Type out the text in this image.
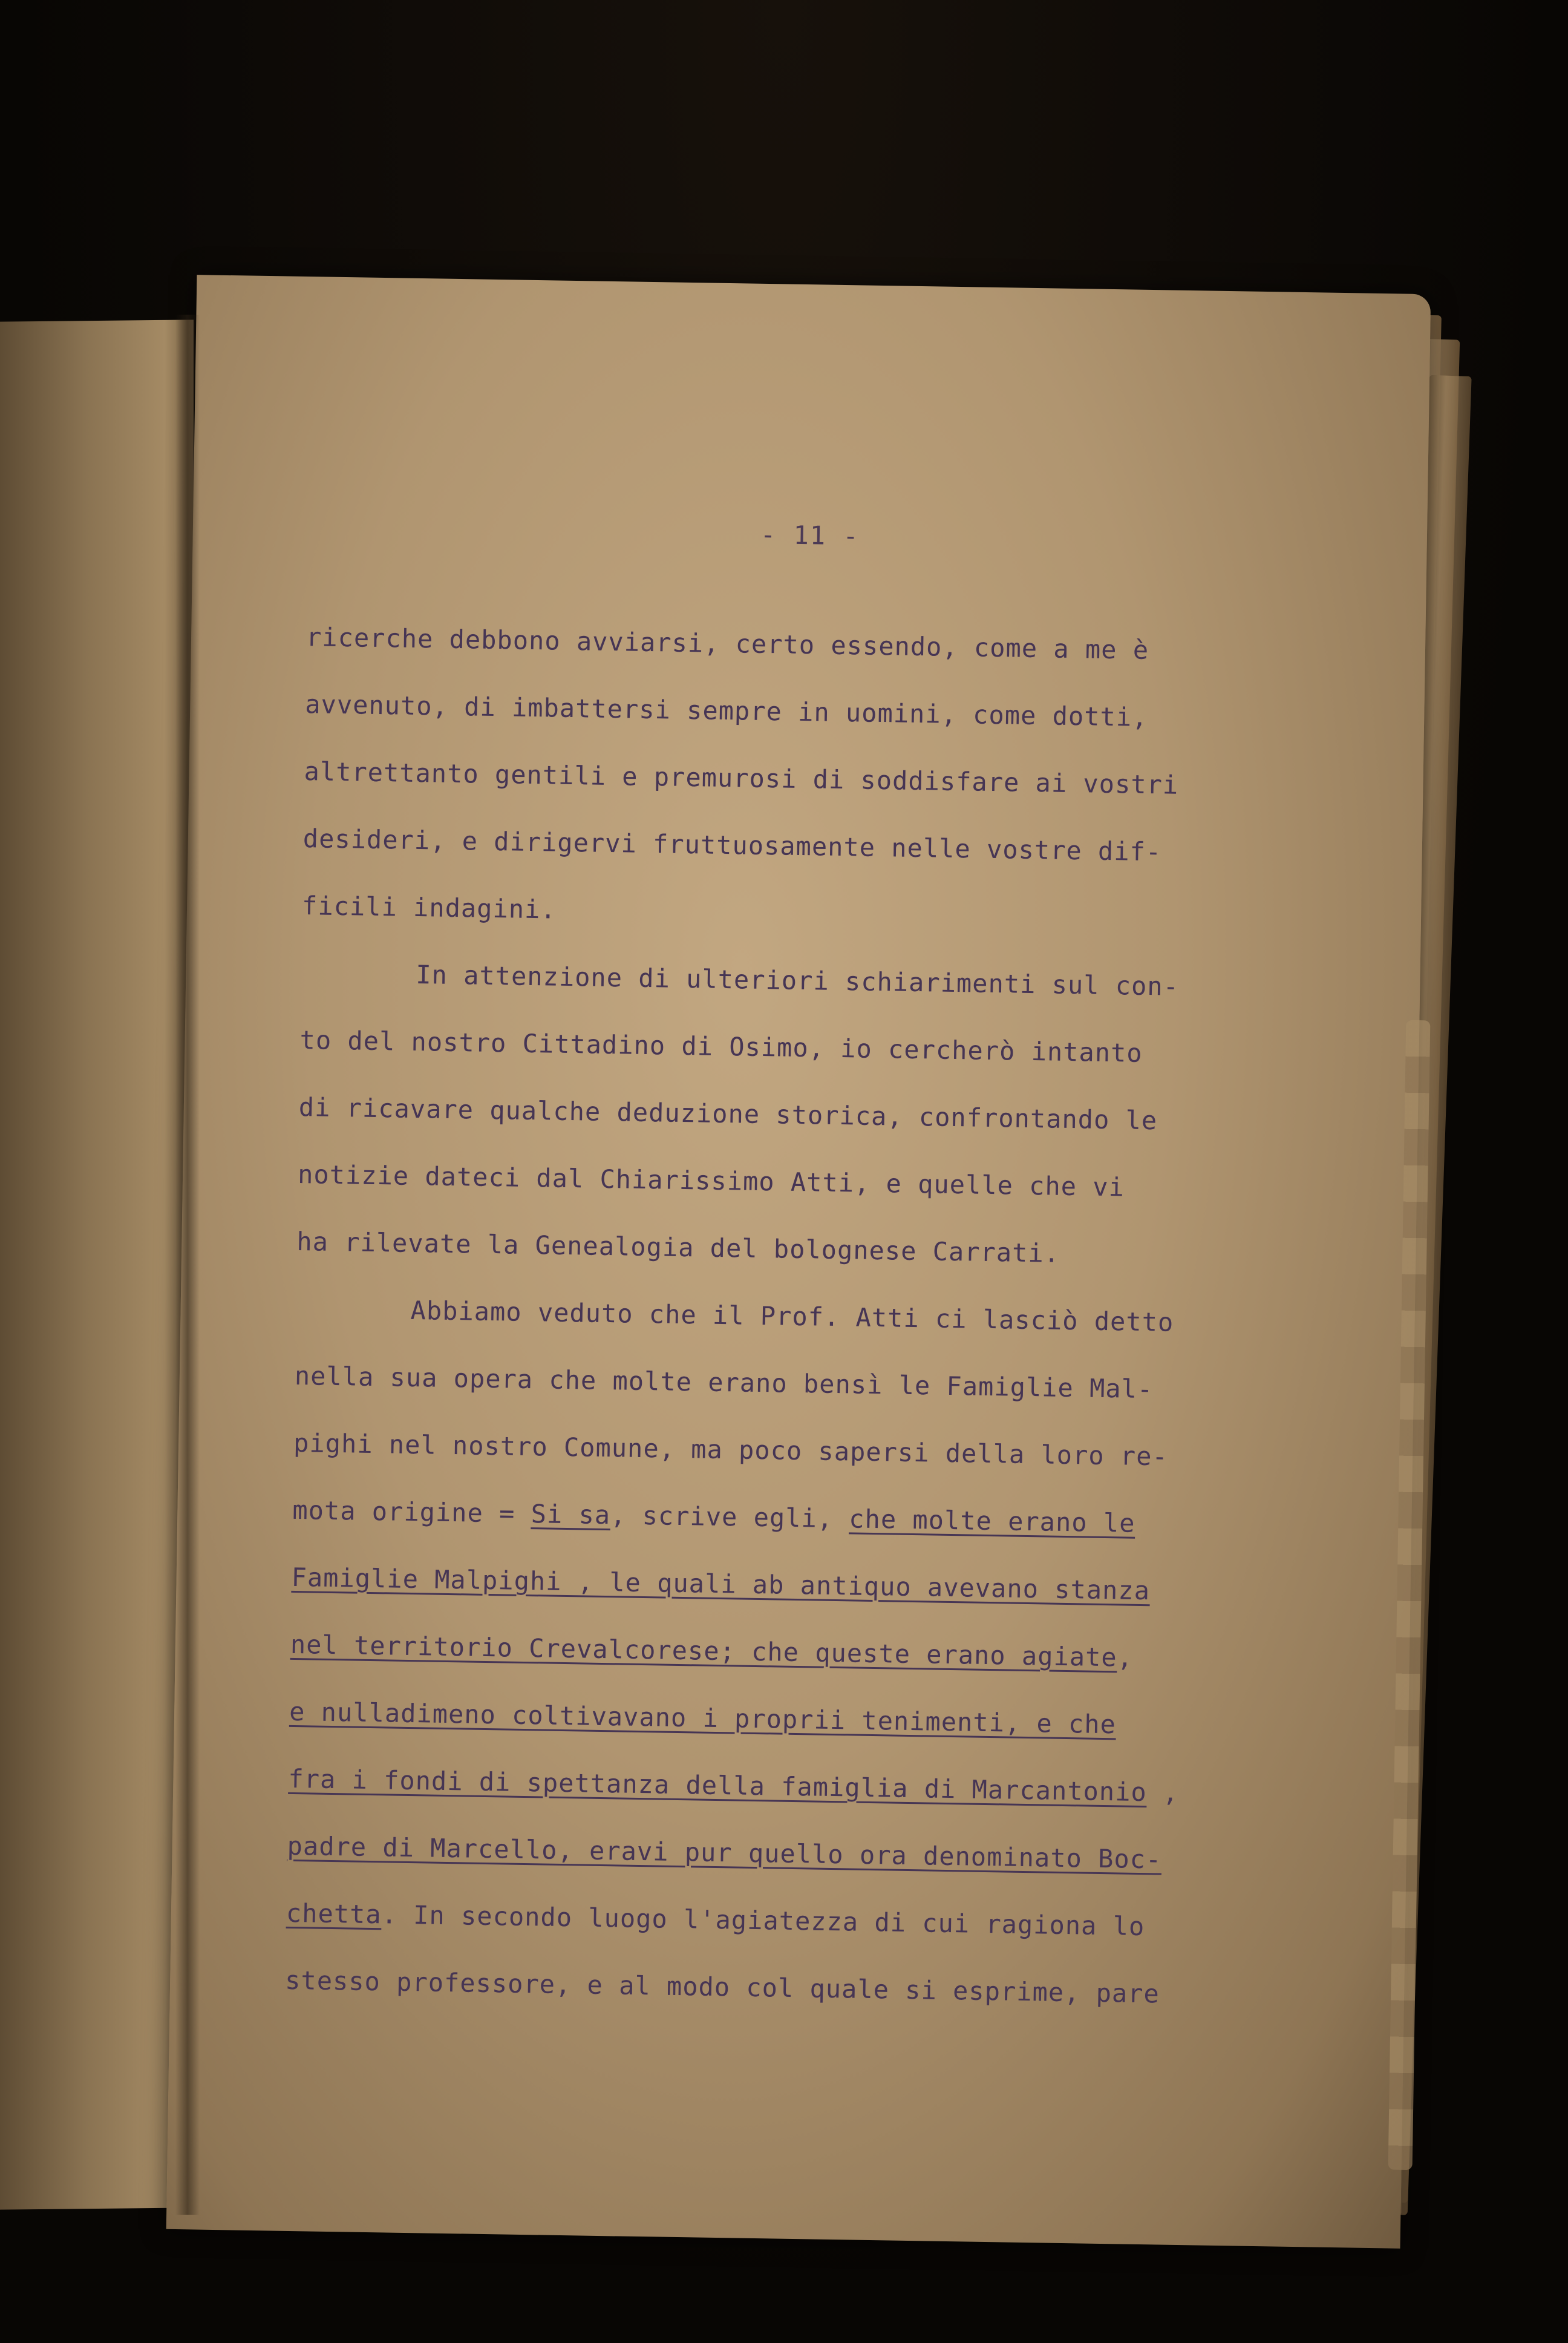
- 11 -
ricerche debbono avviarsi, certo essendo, come a me è
avvenuto, di imbattersi sempre in uomini, come dotti,
altrettanto gentili e premurosi di soddisfare ai vostri
desideri, e dirigervi fruttuosamente nelle vostre dif-
ficili indagini.
In attenzione di ulteriori schiarimenti sul con-
to del nostro Cittadino di Osimo, io cercherò intanto
di ricavare qualche deduzione storica, confrontando le
notizie dateci dal Chiarissimo Atti, e quelle che vi
ha rilevate la Genealogia del bolognese Carrati.
Abbiamo veduto che il Prof. Atti ci lasciò detto
nella sua opera che molte erano bensì le Famiglie Mal-
pighi nel nostro Comune, ma poco sapersi della loro re-
mota origine = Si sa, scrive egli, che molte erano le
Famiglie Malpighi , le quali ab antiquo avevano stanza
nel territorio Crevalcorese; che queste erano agiate,
e nulladimeno coltivavano i proprii tenimenti, e che
fra i fondi di spettanza della famiglia di Marcantonio ,
padre di Marcello, eravi pur quello ora denominato Boc-
chetta. In secondo luogo l'agiatezza di cui ragiona lo
stesso professore, e al modo col quale si esprime, pare
